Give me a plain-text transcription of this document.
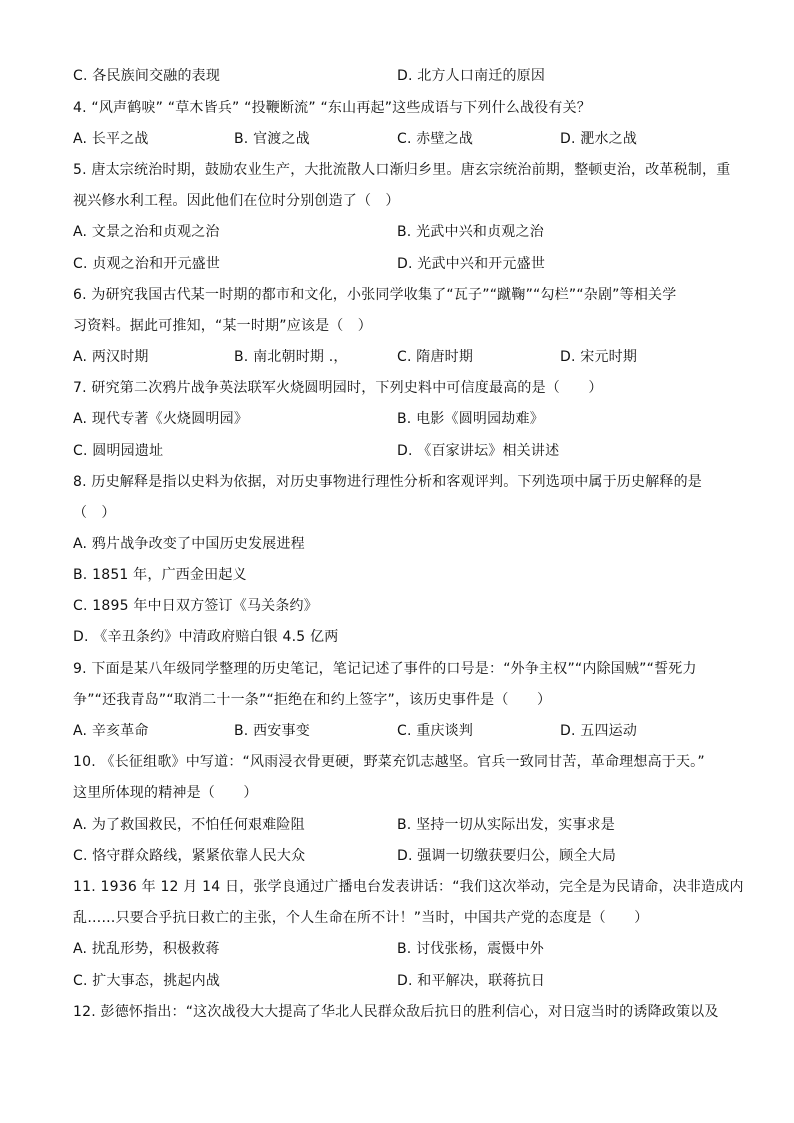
C. 各民族间交融的表现	D. 北方人口南迁的原因
4. “风声鹤唳” “草木皆兵” “投鞭断流” “东山再起”这些成语与下列什么战役有关？
A. 长平之战	B. 官渡之战	C. 赤壁之战	D. 淝水之战
5. 唐太宗统治时期，鼓励农业生产，大批流散人口渐归乡里。唐玄宗统治前期，整顿吏治，改革税制，重
视兴修水利工程。因此他们在位时分别创造了（　）
A. 文景之治和贞观之治	B. 光武中兴和贞观之治
C. 贞观之治和开元盛世	D. 光武中兴和开元盛世
6. 为研究我国古代某一时期的都市和文化，小张同学收集了“瓦子”“蹴鞠”“勾栏”“杂剧”等相关学
习资料。据此可推知，“某一时期”应该是（　）
A. 两汉时期	B. 南北朝时期 .，	C. 隋唐时期	D. 宋元时期
7. 研究第二次鸦片战争英法联军火烧圆明园时，下列史料中可信度最高的是（　　）
A. 现代专著《火烧圆明园》	B. 电影《圆明园劫难》
C. 圆明园遗址	D. 《百家讲坛》相关讲述
8. 历史解释是指以史料为依据，对历史事物进行理性分析和客观评判。下列选项中属于历史解释的是
（　）
A. 鸦片战争改变了中国历史发展进程
B. 1851 年，广西金田起义
C. 1895 年中日双方签订《马关条约》
D. 《辛丑条约》中清政府赔白银 4.5 亿两
9. 下面是某八年级同学整理的历史笔记，笔记记述了事件的口号是：“外争主权”“内除国贼”“誓死力
争”“还我青岛”“取消二十一条”“拒绝在和约上签字”，该历史事件是（　　）
A. 辛亥革命	B. 西安事变	C. 重庆谈判	D. 五四运动
10. 《长征组歌》中写道：“风雨浸衣骨更硬，野菜充饥志越坚。官兵一致同甘苦，革命理想高于天。”
这里所体现的精神是（　　）
A. 为了救国救民，不怕任何艰难险阻	B. 坚持一切从实际出发，实事求是
C. 恪守群众路线，紧紧依靠人民大众	D. 强调一切缴获要归公，顾全大局
11. 1936 年 12 月 14 日，张学良通过广播电台发表讲话：“我们这次举动，完全是为民请命，决非造成内
乱……只要合乎抗日救亡的主张，个人生命在所不计！”当时，中国共产党的态度是（　　）
A. 扰乱形势，积极救蒋	B. 讨伐张杨，震慑中外
C. 扩大事态，挑起内战	D. 和平解决，联蒋抗日
12. 彭德怀指出：“这次战役大大提高了华北人民群众敌后抗日的胜利信心，对日寇当时的诱降政策以及
